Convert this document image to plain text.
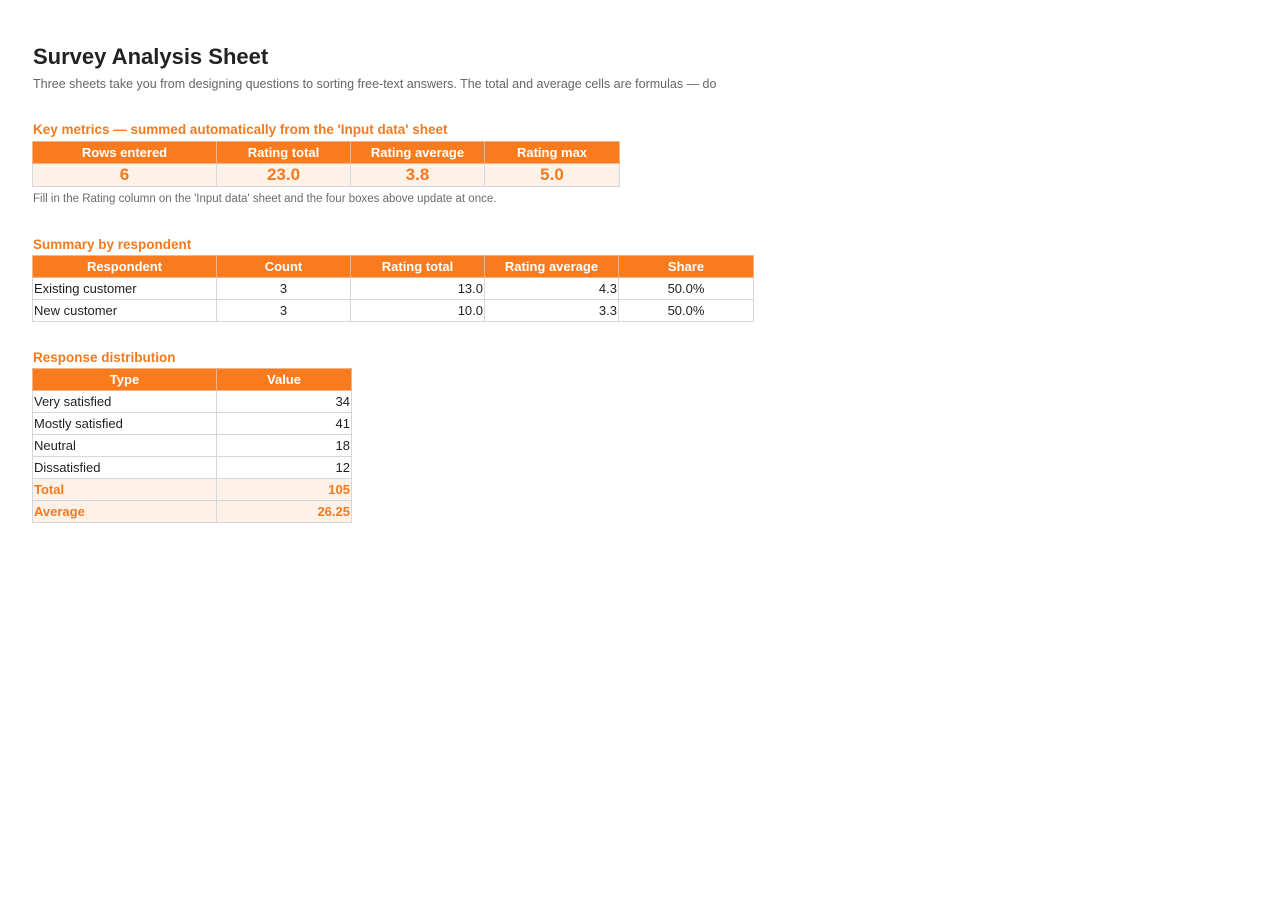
Survey Analysis Sheet

Three sheets take you from designing questions to sorting free-text answers. The total and average cells are formulas — do

Key metrics — summed automatically from the 'Input data' sheet
Rows entered	Rating total	Rating average	Rating max
6	23.0	3.8	5.0

Fill in the Rating column on the 'Input data' sheet and the four boxes above update at once.

Summary by respondent
Respondent	Count	Rating total	Rating average	Share
Existing customer	3	13.0	4.3	50.0%
New customer	3	10.0	3.3	50.0%
Response distribution
Type	Value
Very satisfied	34
Mostly satisfied	41
Neutral	18
Dissatisfied	12
Total	105
Average	26.25
